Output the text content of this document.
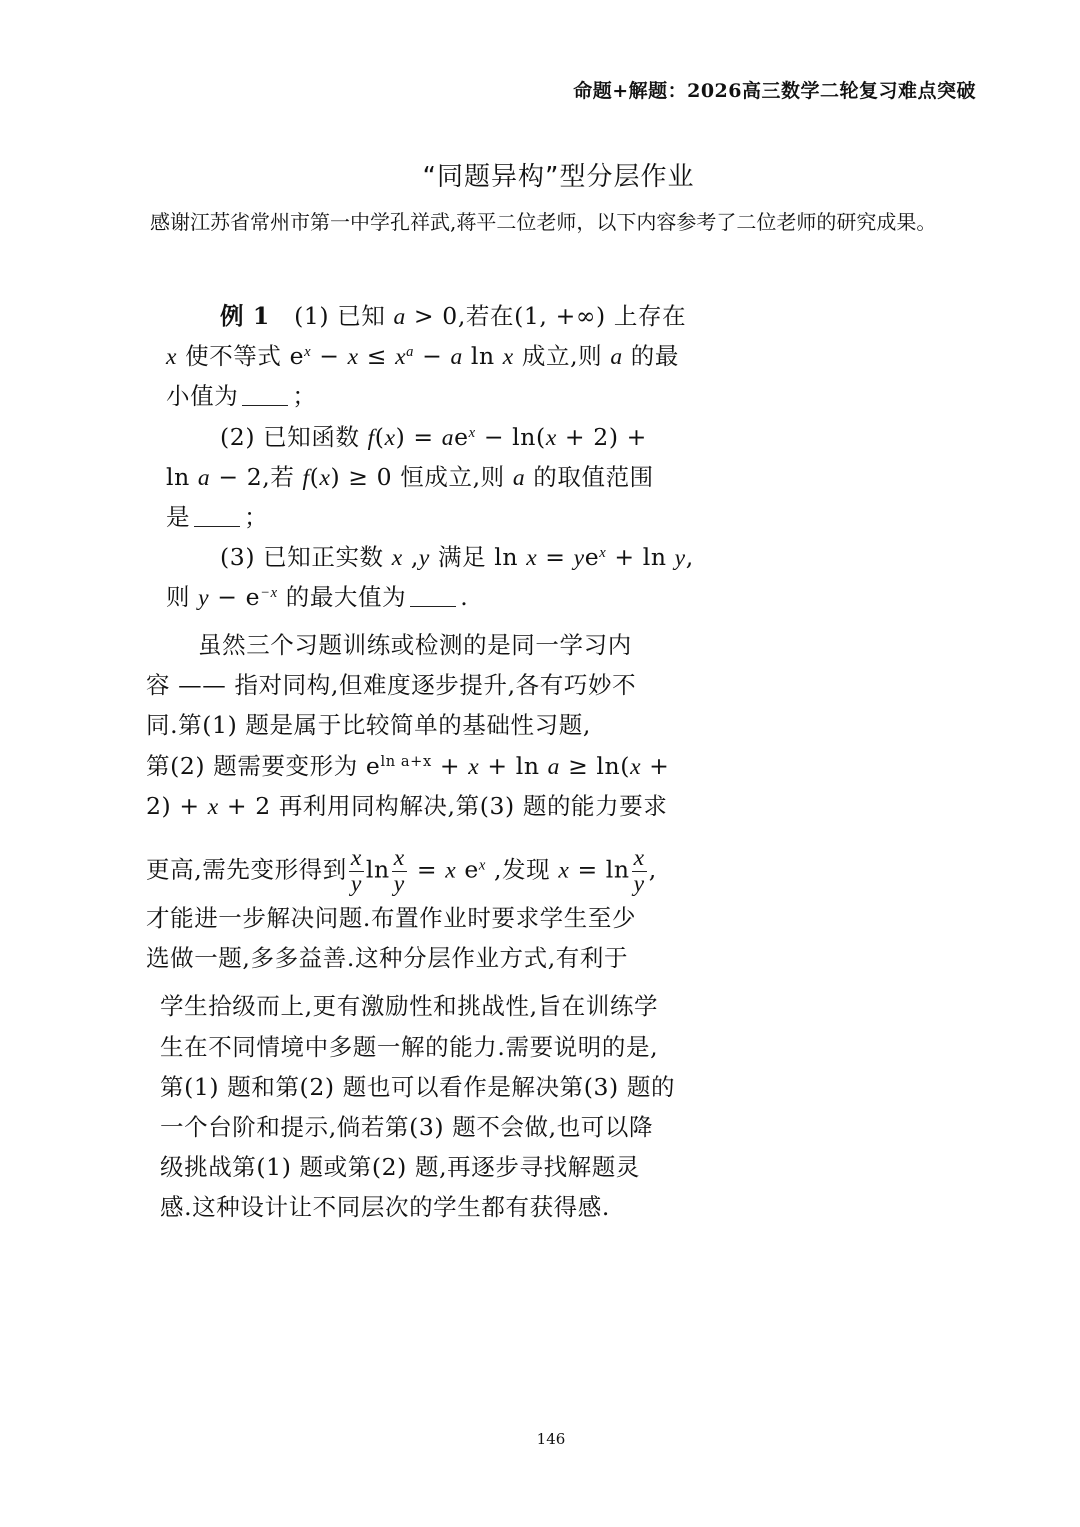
命题+解题：2026高三数学二轮复习难点突破
“同题异构”型分层作业
感谢江苏省常州市第一中学孔祥武,蒋平二位老师，以下内容参考了二位老师的研究成果。
例 1 (1) 已知 a > 0,若在(1, +∞) 上存在
x 使不等式 $e^x - x \le x^a - a$ ln x 成立,则 a 的最
小值为 ；
(2) 已知函数 $f(x) = ae^x - \ln(x + 2)$ +
ln a − 2,若 f(x) ≥ 0 恒成立,则 a 的取值范围
是 ；
(3) 已知正实数 x ,y 满足 $\ln x = ye^x + \ln y$,
则 $y - e^{-x}$ 的最大值为 .
虽然三个习题训练或检测的是同一学习内
容 —— 指对同构,但难度逐步提升,各有巧妙不
同.第(1) 题是属于比较简单的基础性习题,
第(2) 题需要变形为 $e^{ln a+x} + x + \ln a \ge \ln(x$ +
2) + x + 2 再利用同构解决,第(3) 题的能力要求
更高,需先变形得到 $\frac{x}{y}$ $\ln \frac{x}{y} = x$ $e^x$ ,发现 $x = \ln \frac{x}{y}$ ,
才能进一步解决问题.布置作业时要求学生至少
选做一题,多多益善.这种分层作业方式,有利于
学生拾级而上,更有激励性和挑战性,旨在训练学
生在不同情境中多题一解的能力.需要说明的是,
第(1) 题和第(2) 题也可以看作是解决第(3) 题的
一个台阶和提示,倘若第(3) 题不会做,也可以降
级挑战第(1) 题或第(2) 题,再逐步寻找解题灵
感.这种设计让不同层次的学生都有获得感.
146
